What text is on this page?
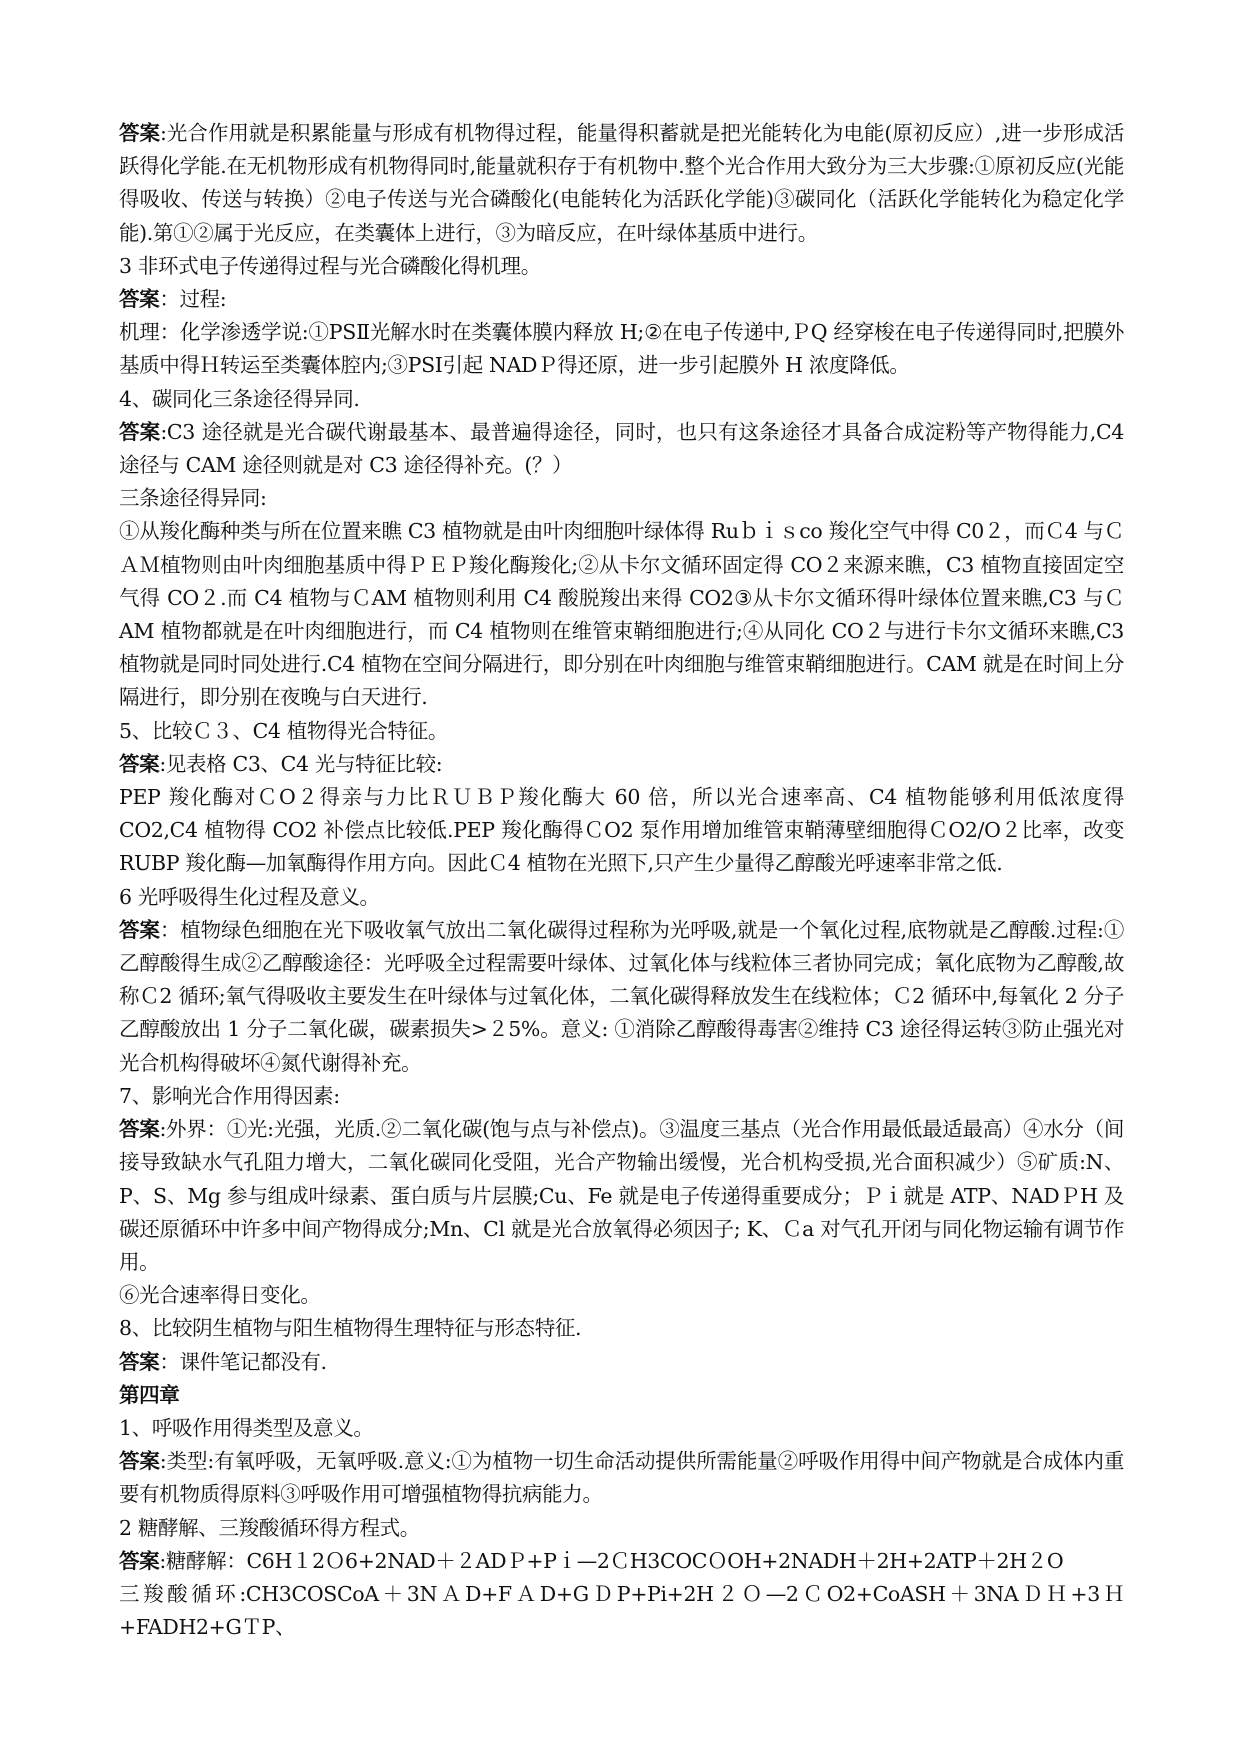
答案:光合作用就是积累能量与形成有机物得过程，能量得积蓄就是把光能转化为电能(原初反应）,进一步形成活跃得化学能.在无机物形成有机物得同时,能量就积存于有机物中.整个光合作用大致分为三大步骤:①原初反应(光能得吸收、传送与转换）②电子传送与光合磷酸化(电能转化为活跃化学能)③碳同化（活跃化学能转化为稳定化学能).第①②属于光反应，在类囊体上进行，③为暗反应，在叶绿体基质中进行。
3 非环式电子传递得过程与光合磷酸化得机理。
答案：过程:
机理：化学渗透学说:①PSⅡ光解水时在类囊体膜内释放 H;②在电子传递中,ＰQ 经穿梭在电子传递得同时,把膜外基质中得Ｈ转运至类囊体腔内;③PSⅠ引起 NADＰ得还原，进一步引起膜外 H 浓度降低。
4、碳同化三条途径得异同.
答案:C3 途径就是光合碳代谢最基本、最普遍得途径，同时，也只有这条途径才具备合成淀粉等产物得能力,C4 途径与 CAM 途径则就是对 C3 途径得补充。(？）
三条途径得异同:
①从羧化酶种类与所在位置来瞧 C3 植物就是由叶肉细胞叶绿体得 Ruｂｉｓco 羧化空气中得 C0２，而Ｃ4 与ＣＡＭ植物则由叶肉细胞基质中得ＰＥＰ羧化酶羧化;②从卡尔文循环固定得 CO２来源来瞧，C3 植物直接固定空气得 CO２.而 C4 植物与ＣAM 植物则利用 C4 酸脱羧出来得 CO2③从卡尔文循环得叶绿体位置来瞧,C3 与ＣAM 植物都就是在叶肉细胞进行，而 C4 植物则在维管束鞘细胞进行;④从同化 CO２与进行卡尔文循环来瞧,C3 植物就是同时同处进行.C4 植物在空间分隔进行，即分别在叶肉细胞与维管束鞘细胞进行。CAM 就是在时间上分隔进行，即分别在夜晚与白天进行.
5、比较Ｃ３、C4 植物得光合特征。
答案:见表格 C3、C4 光与特征比较:
PEP 羧化酶对ＣO２得亲与力比ＲＵＢＰ羧化酶大 60 倍，所以光合速率高、C4 植物能够利用低浓度得 CO2,C4 植物得 CO2 补偿点比较低.PEP 羧化酶得ＣO2 泵作用增加维管束鞘薄壁细胞得ＣO2/O２比率，改变 RUBP 羧化酶—加氧酶得作用方向。因此Ｃ4 植物在光照下,只产生少量得乙醇酸光呼速率非常之低.
6 光呼吸得生化过程及意义。
答案：植物绿色细胞在光下吸收氧气放出二氧化碳得过程称为光呼吸,就是一个氧化过程,底物就是乙醇酸.过程:①乙醇酸得生成②乙醇酸途径：光呼吸全过程需要叶绿体、过氧化体与线粒体三者协同完成；氧化底物为乙醇酸,故称Ｃ2 循环;氧气得吸收主要发生在叶绿体与过氧化体，二氧化碳得释放发生在线粒体；Ｃ2 循环中,每氧化 2 分子乙醇酸放出 1 分子二氧化碳，碳素损失>２5%。意义: ①消除乙醇酸得毒害②维持 C3 途径得运转③防止强光对光合机构得破坏④氮代谢得补充。
7、影响光合作用得因素:
答案:外界：①光:光强，光质.②二氧化碳(饱与点与补偿点)。③温度三基点（光合作用最低最适最高）④水分（间接导致缺水气孔阻力增大，二氧化碳同化受阻，光合产物输出缓慢，光合机构受损,光合面积减少）⑤矿质:N、P、S、Mg 参与组成叶绿素、蛋白质与片层膜;Cu、Fe 就是电子传递得重要成分；Ｐｉ就是 ATP、NADＰH 及碳还原循环中许多中间产物得成分;Mn、Cl 就是光合放氧得必须因子; K、Ｃa 对气孔开闭与同化物运输有调节作用。
⑥光合速率得日变化。
8、比较阴生植物与阳生植物得生理特征与形态特征.
答案：课件笔记都没有.
第四章
1、呼吸作用得类型及意义。
答案:类型:有氧呼吸，无氧呼吸.意义:①为植物一切生命活动提供所需能量②呼吸作用得中间产物就是合成体内重要有机物质得原料③呼吸作用可增强植物得抗病能力。
2 糖酵解、三羧酸循环得方程式。
答案:糖酵解：C6H１2Ｏ6+2NAD＋２ADＰ+Pｉ—2ＣH3COCＯOH+2NADH＋2H+2ATP＋2H２O
三羧酸循环:CH3COSCoA＋3NＡD+FＡD+GＤP+Pi+2H２Ｏ—2ＣO2+CoASH＋3NAＤＨ+3Ｈ+FADH2+GＴP、
